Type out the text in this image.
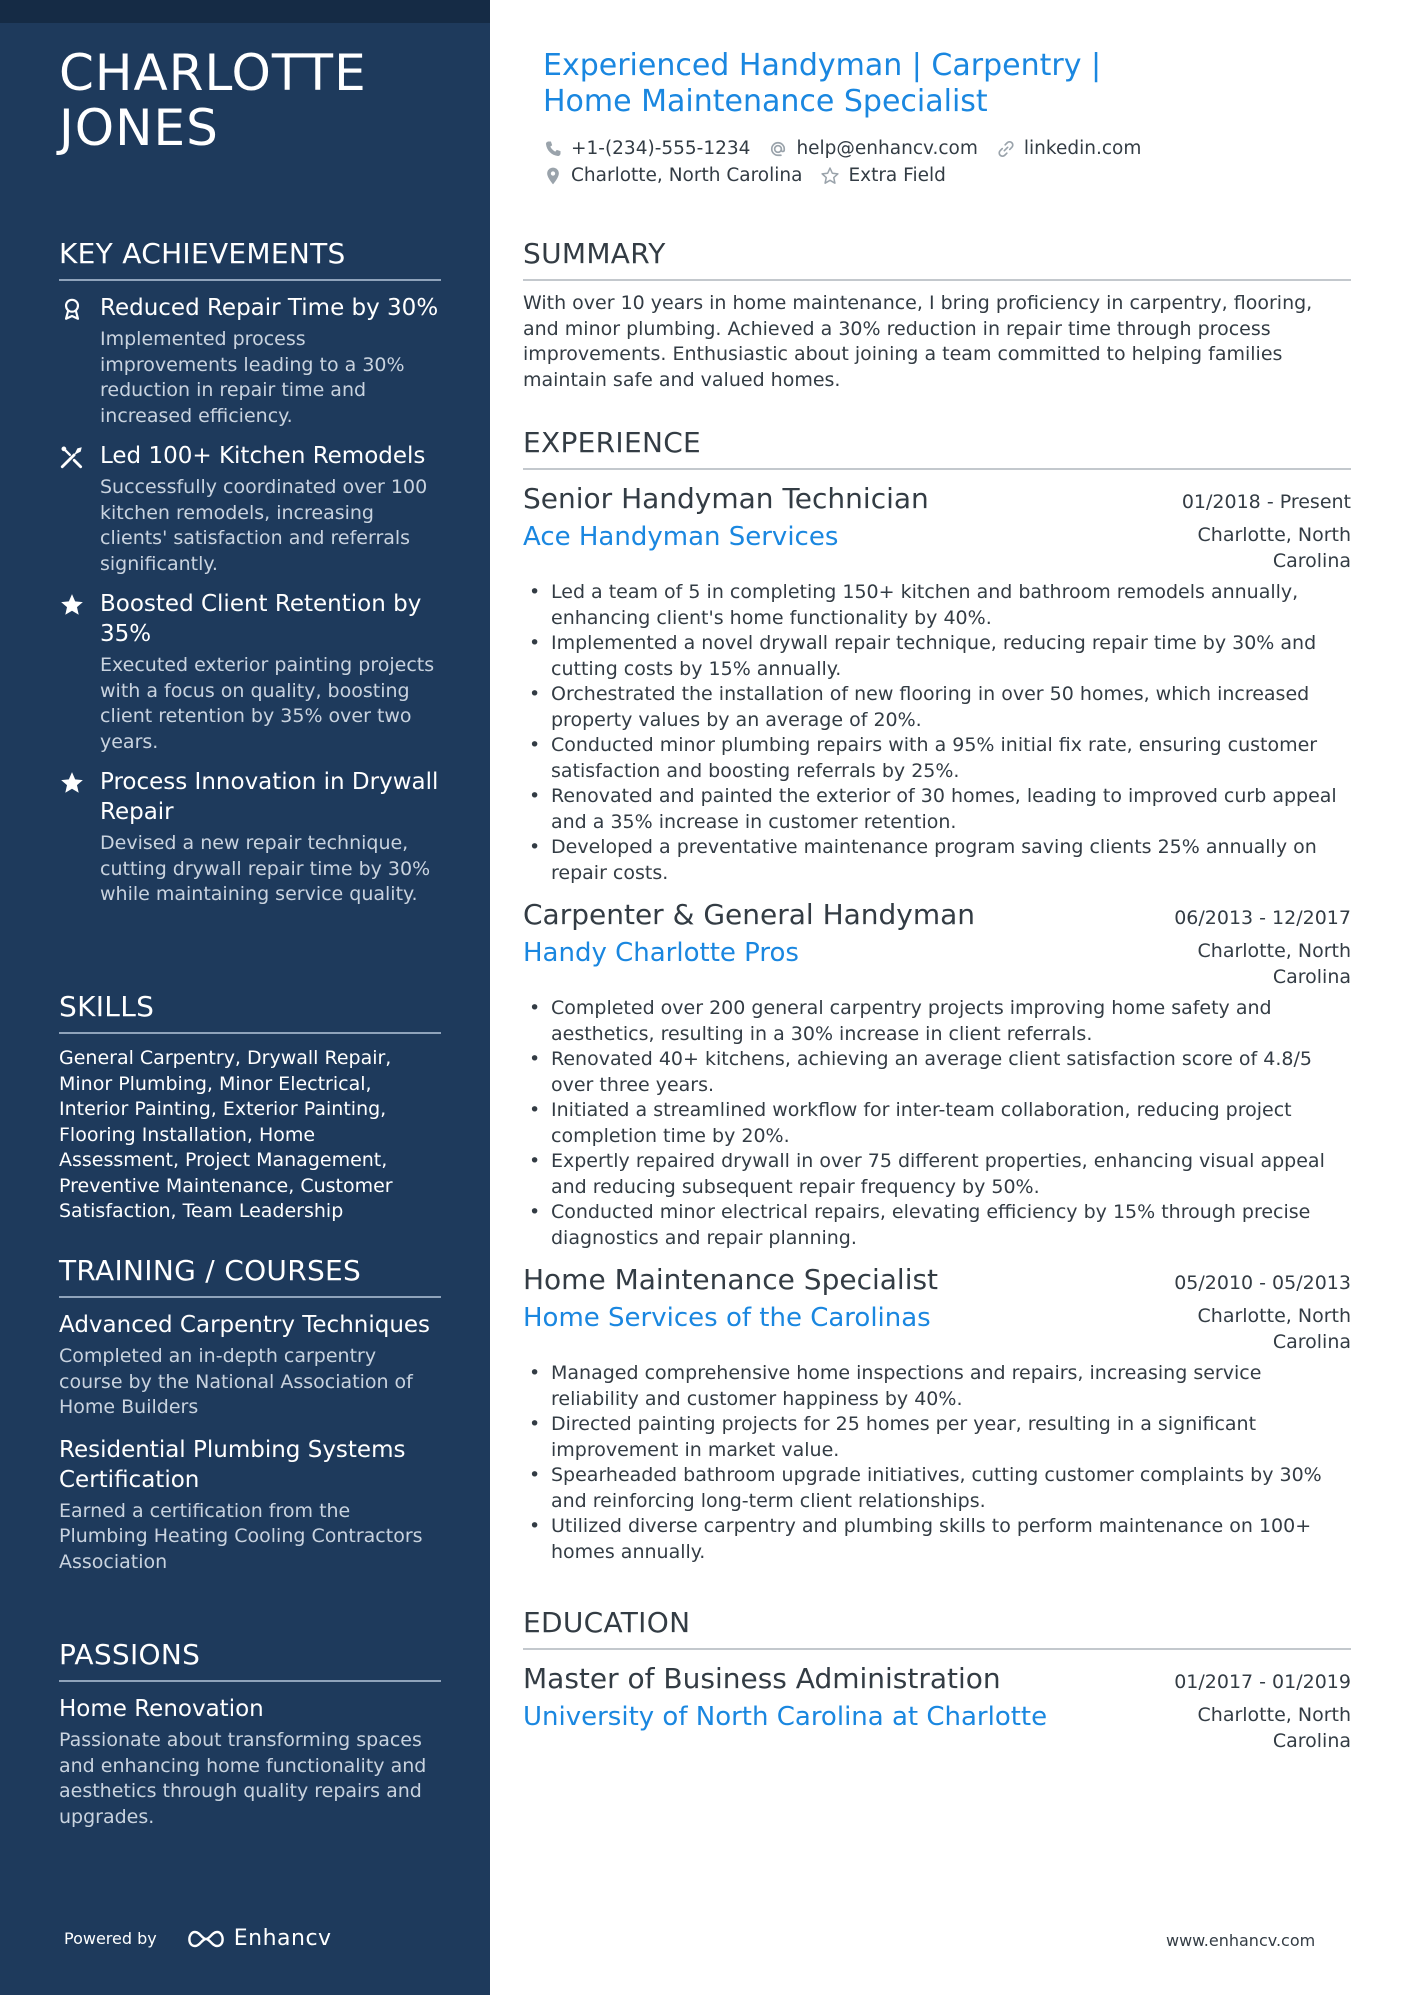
CHARLOTTE JONES
KEY ACHIEVEMENTS
Reduced Repair Time by 30%
Implemented process improvements leading to a 30% reduction in repair time and increased efficiency.
Led 100+ Kitchen Remodels
Successfully coordinated over 100 kitchen remodels, increasing clients' satisfaction and referrals significantly.
Boosted Client Retention by 35%
Executed exterior painting projects with a focus on quality, boosting client retention by 35% over two years.
Process Innovation in Drywall Repair
Devised a new repair technique, cutting drywall repair time by 30% while maintaining service quality.
SKILLS
General Carpentry, Drywall Repair, Minor Plumbing, Minor Electrical, Interior Painting, Exterior Painting, Flooring Installation, Home Assessment, Project Management, Preventive Maintenance, Customer Satisfaction, Team Leadership
TRAINING / COURSES
Advanced Carpentry Techniques
Completed an in-depth carpentry course by the National Association of Home Builders
Residential Plumbing Systems Certification
Earned a certification from the Plumbing Heating Cooling Contractors Association
PASSIONS
Home Renovation
Passionate about transforming spaces and enhancing home functionality and aesthetics through quality repairs and upgrades.
Powered by	Enhancv
Experienced Handyman | Carpentry | Home Maintenance Specialist
+1-(234)-555-1234 help@enhancv.com linkedin.com
Charlotte, North Carolina Extra Field
SUMMARY
With over 10 years in home maintenance, I bring proficiency in carpentry, flooring, and minor plumbing. Achieved a 30% reduction in repair time through process improvements. Enthusiastic about joining a team committed to helping families maintain safe and valued homes.
EXPERIENCE
Senior Handyman Technician	01/2018 - Present
Ace Handyman Services	Charlotte, North Carolina
• Led a team of 5 in completing 150+ kitchen and bathroom remodels annually, enhancing client's home functionality by 40%.
• Implemented a novel drywall repair technique, reducing repair time by 30% and cutting costs by 15% annually.
• Orchestrated the installation of new flooring in over 50 homes, which increased property values by an average of 20%.
• Conducted minor plumbing repairs with a 95% initial fix rate, ensuring customer satisfaction and boosting referrals by 25%.
• Renovated and painted the exterior of 30 homes, leading to improved curb appeal and a 35% increase in customer retention.
• Developed a preventative maintenance program saving clients 25% annually on repair costs.
Carpenter & General Handyman	06/2013 - 12/2017
Handy Charlotte Pros	Charlotte, North Carolina
• Completed over 200 general carpentry projects improving home safety and aesthetics, resulting in a 30% increase in client referrals.
• Renovated 40+ kitchens, achieving an average client satisfaction score of 4.8/5 over three years.
• Initiated a streamlined workflow for inter-team collaboration, reducing project completion time by 20%.
• Expertly repaired drywall in over 75 different properties, enhancing visual appeal and reducing subsequent repair frequency by 50%.
• Conducted minor electrical repairs, elevating efficiency by 15% through precise diagnostics and repair planning.
Home Maintenance Specialist	05/2010 - 05/2013
Home Services of the Carolinas	Charlotte, North Carolina
• Managed comprehensive home inspections and repairs, increasing service reliability and customer happiness by 40%.
• Directed painting projects for 25 homes per year, resulting in a significant improvement in market value.
• Spearheaded bathroom upgrade initiatives, cutting customer complaints by 30% and reinforcing long-term client relationships.
• Utilized diverse carpentry and plumbing skills to perform maintenance on 100+ homes annually.
EDUCATION
Master of Business Administration	01/2017 - 01/2019
University of North Carolina at Charlotte	Charlotte, North Carolina
www.enhancv.com
